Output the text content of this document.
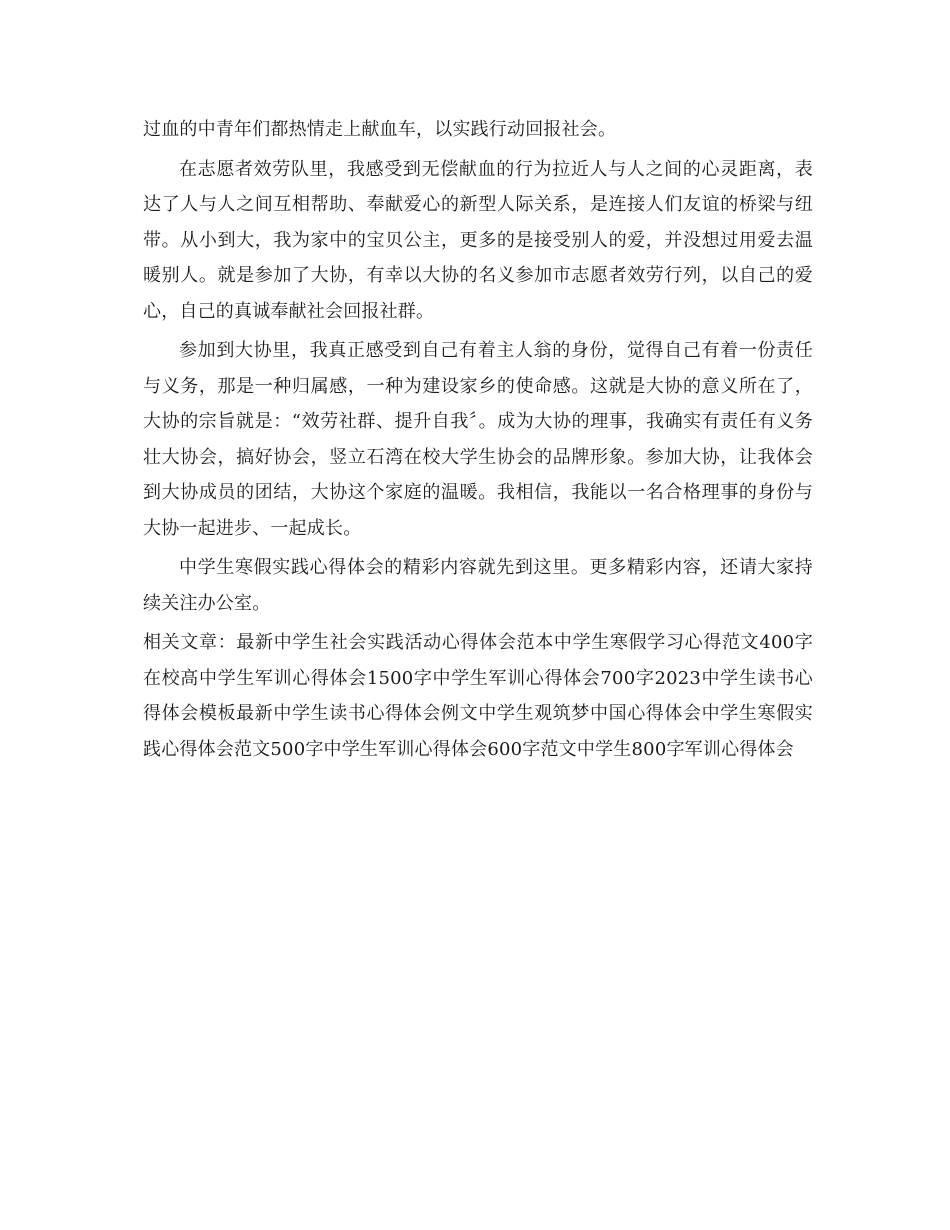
过血的中青年们都热情走上献血车，以实践行动回报社会。

在志愿者效劳队里，我感受到无偿献血的行为拉近人与人之间的心灵距离，表达了人与人之间互相帮助、奉献爱心的新型人际关系，是连接人们友谊的桥梁与纽带。从小到大，我为家中的宝贝公主，更多的是接受别人的爱，并没想过用爱去温暖别人。就是参加了大协，有幸以大协的名义参加市志愿者效劳行列，以自己的爱心，自己的真诚奉献社会回报社群。

参加到大协里，我真正感受到自己有着主人翁的身份，觉得自己有着一份责任与义务，那是一种归属感，一种为建设家乡的使命感。这就是大协的意义所在了，大协的宗旨就是：“效劳社群、提升自我〞。成为大协的理事，我确实有责任有义务壮大协会，搞好协会，竖立石湾在校大学生协会的品牌形象。参加大协，让我体会到大协成员的团结，大协这个家庭的温暖。我相信，我能以一名合格理事的身份与大协一起进步、一起成长。

中学生寒假实践心得体会的精彩内容就先到这里。更多精彩内容，还请大家持续关注办公室。

相关文章：最新中学生社会实践活动心得体会范本中学生寒假学习心得范文400字在校高中学生军训心得体会1500字中学生军训心得体会700字2023中学生读书心得体会模板最新中学生读书心得体会例文中学生观筑梦中国心得体会中学生寒假实践心得体会范文500字中学生军训心得体会600字范文中学生800字军训心得体会
